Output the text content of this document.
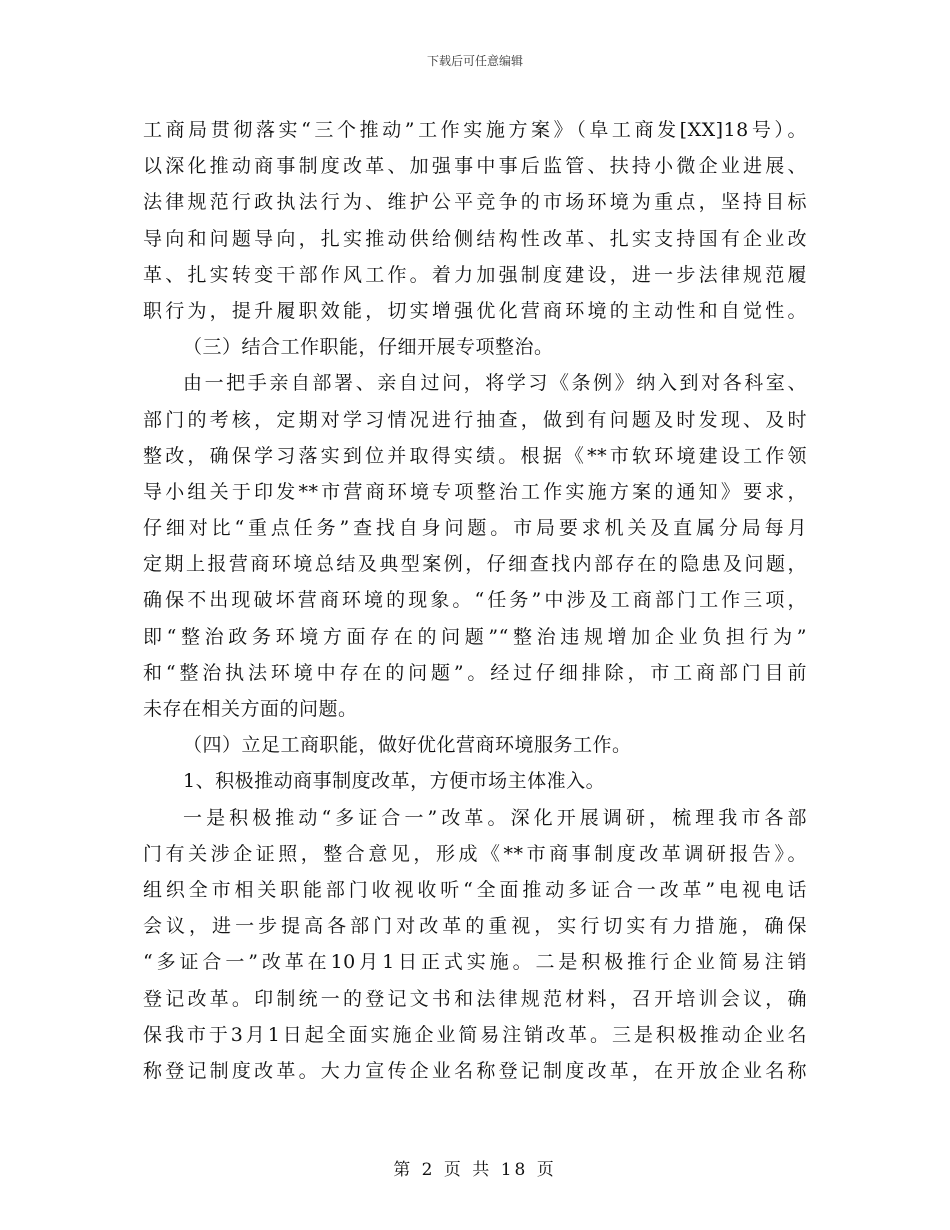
下载后可任意编辑
工商局贯彻落实“三个推动”工作实施方案》（阜工商发[XX]18号）。
以深化推动商事制度改革、加强事中事后监管、扶持小微企业进展、
法律规范行政执法行为、维护公平竞争的市场环境为重点，坚持目标
导向和问题导向，扎实推动供给侧结构性改革、扎实支持国有企业改
革、扎实转变干部作风工作。着力加强制度建设，进一步法律规范履
职行为，提升履职效能，切实增强优化营商环境的主动性和自觉性。
（三）结合工作职能，仔细开展专项整治。
由一把手亲自部署、亲自过问，将学习《条例》纳入到对各科室、
部门的考核，定期对学习情况进行抽查，做到有问题及时发现、及时
整改，确保学习落实到位并取得实绩。根据《**市软环境建设工作领
导小组关于印发**市营商环境专项整治工作实施方案的通知》要求，
仔细对比“重点任务”查找自身问题。市局要求机关及直属分局每月
定期上报营商环境总结及典型案例，仔细查找内部存在的隐患及问题，
确保不出现破坏营商环境的现象。“任务”中涉及工商部门工作三项，
即“整治政务环境方面存在的问题”“整治违规增加企业负担行为”
和“整治执法环境中存在的问题”。经过仔细排除，市工商部门目前
未存在相关方面的问题。
（四）立足工商职能，做好优化营商环境服务工作。
1、积极推动商事制度改革，方便市场主体准入。
一是积极推动“多证合一”改革。深化开展调研，梳理我市各部
门有关涉企证照，整合意见，形成《**市商事制度改革调研报告》。
组织全市相关职能部门收视收听“全面推动多证合一改革”电视电话
会议，进一步提高各部门对改革的重视，实行切实有力措施，确保
“多证合一”改革在10月1日正式实施。二是积极推行企业简易注销
登记改革。印制统一的登记文书和法律规范材料，召开培训会议，确
保我市于3月1日起全面实施企业简易注销改革。三是积极推动企业名
称登记制度改革。大力宣传企业名称登记制度改革，在开放企业名称
第 2 页 共 18 页
